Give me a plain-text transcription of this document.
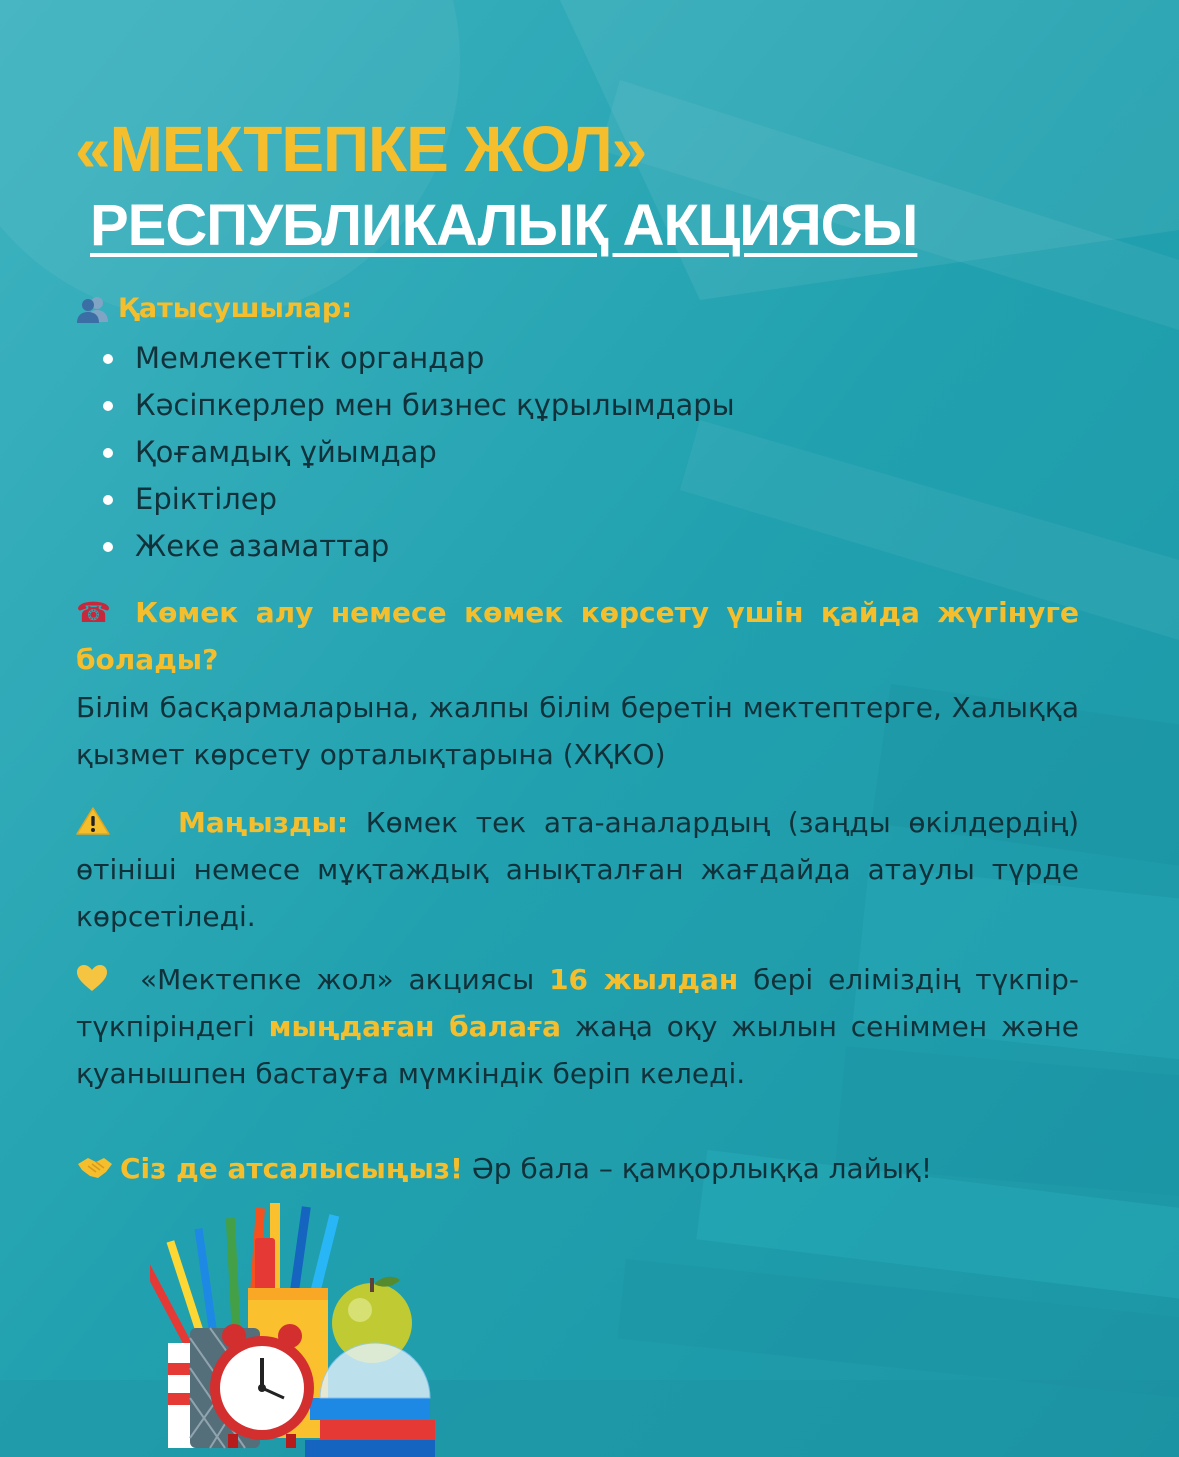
«МЕКТЕПКЕ ЖОЛ»
РЕСПУБЛИКАЛЫҚ АКЦИЯСЫ
Қатысушылар:
Мемлекеттік органдар
Кәсіпкерлер мен бизнес құрылымдары
Қоғамдық ұйымдар
Еріктілер
Жеке азаматтар
☎ Көмек алу немесе көмек көрсету үшін қайда жүгінуге болады?
Білім басқармаларына, жалпы білім беретін мектептерге, Халыққа қызмет көрсету орталықтарына (ХҚКО)
Маңызды: Көмек тек ата-аналардың (заңды өкілдердің) өтініші немесе мұқтаждық анықталған жағдайда атаулы түрде көрсетіледі.
«Мектепке жол» акциясы 16 жылдан бері еліміздің түкпір-түкпіріндегі мыңдаған балаға жаңа оқу жылын сеніммен және қуанышпен бастауға мүмкіндік беріп келеді.
Сіз де атсалысыңыз! Әр бала – қамқорлыққа лайық!
